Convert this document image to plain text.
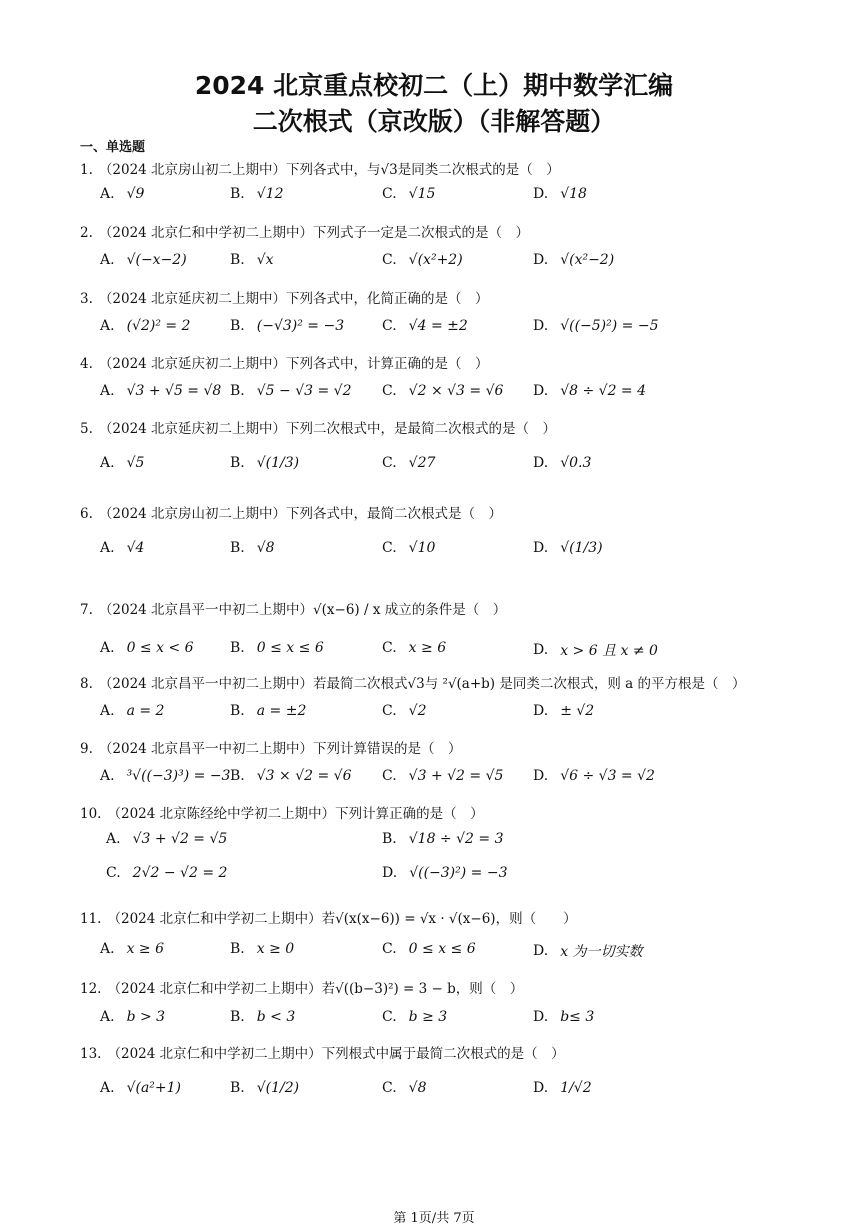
2024 北京重点校初二（上）期中数学汇编
二次根式（京改版）（非解答题）
一、单选题
1. （2024 北京房山初二上期中）下列各式中，与√3是同类二次根式的是（　）
A. √9	B. √12	C. √15	D. √18
2. （2024 北京仁和中学初二上期中）下列式子一定是二次根式的是（　）
A. √(−x−2)	B. √x	C. √(x²+2)	D. √(x²−2)
3. （2024 北京延庆初二上期中）下列各式中，化简正确的是（　）
A. (√2)² = 2	B. (−√3)² = −3	C. √4 = ±2	D. √((−5)²) = −5
4. （2024 北京延庆初二上期中）下列各式中，计算正确的是（　）
A. √3 + √5 = √8 B. √5 − √3 = √2 C. √2 × √3 = √6 D. √8 ÷ √2 = 4
5. （2024 北京延庆初二上期中）下列二次根式中，是最简二次根式的是（　）
A. √5	B. √(1/3)	C. √27	D. √0.3
6. （2024 北京房山初二上期中）下列各式中，最简二次根式是（　）
A. √4	B. √8	C. √10	D. √(1/3)
7. （2024 北京昌平一中初二上期中）√(x−6) / x 成立的条件是（　）
A. 0 ≤ x < 6	B. 0 ≤ x ≤ 6	C. x ≥ 6	D. x > 6 且 x ≠ 0
8. （2024 北京昌平一中初二上期中）若最简二次根式√3与 ²√(a+b) 是同类二次根式，则 a 的平方根是（　）
A. a = 2	B. a = ±2	C. √2	D. ± √2
9. （2024 北京昌平一中初二上期中）下列计算错误的是（　）
A. ³√((−3)³) = −3 B. √3 × √2 = √6 C. √3 + √2 = √5 D. √6 ÷ √3 = √2
10. （2024 北京陈经纶中学初二上期中）下列计算正确的是（　）
A. √3 + √2 = √5	B. √18 ÷ √2 = 3
C. 2√2 − √2 = 2	D. √((−3)²) = −3
11. （2024 北京仁和中学初二上期中）若√(x(x−6)) = √x · √(x−6)，则（　　）
A. x ≥ 6	B. x ≥ 0	C. 0 ≤ x ≤ 6	D. x 为一切实数
12. （2024 北京仁和中学初二上期中）若√((b−3)²) = 3 − b，则（　）
A. b > 3	B. b < 3	C. b ≥ 3	D. b≤ 3
13. （2024 北京仁和中学初二上期中）下列根式中属于最简二次根式的是（　）
A. √(a²+1)	B. √(1/2)	C. √8	D. 1/√2
第 1页/共 7页
